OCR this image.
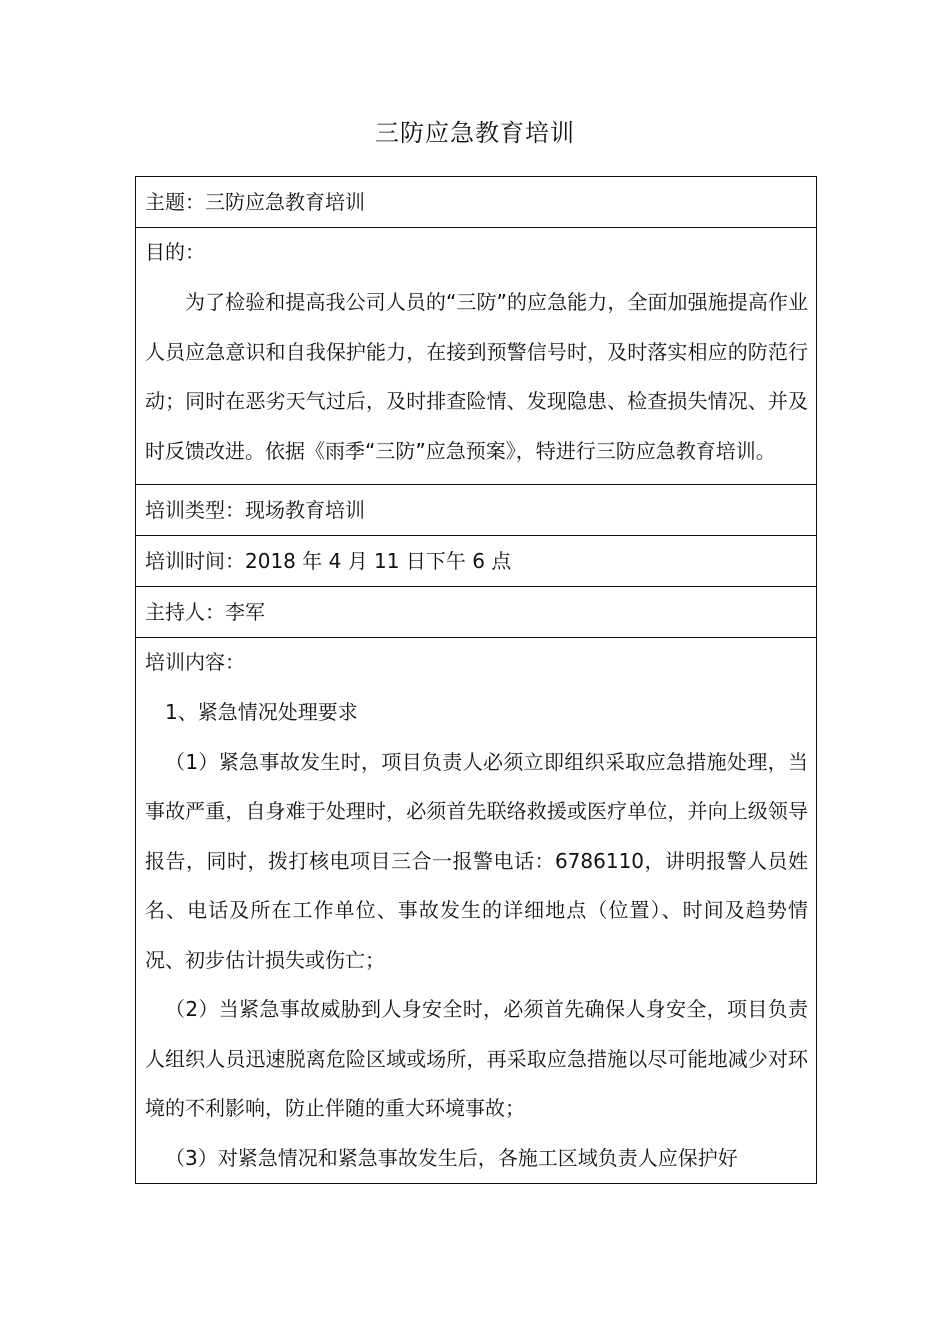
三防应急教育培训
主题：三防应急教育培训

目的：

为了检验和提高我公司人员的“三防”的应急能力，全面加强施提高作业人员应急意识和自我保护能力，在接到预警信号时，及时落实相应的防范行动；同时在恶劣天气过后，及时排查险情、发现隐患、检查损失情况、并及时反馈改进。依据《雨季“三防”应急预案》，特进行三防应急教育培训。

培训类型：现场教育培训
培训时间：2018 年 4 月 11 日下午 6 点
主持人：李军

培训内容：

1、紧急情况处理要求

（1）紧急事故发生时，项目负责人必须立即组织采取应急措施处理，当事故严重，自身难于处理时，必须首先联络救援或医疗单位，并向上级领导报告，同时，拨打核电项目三合一报警电话：6786110，讲明报警人员姓名、电话及所在工作单位、事故发生的详细地点（位置）、时间及趋势情况、初步估计损失或伤亡；

（2）当紧急事故威胁到人身安全时，必须首先确保人身安全，项目负责人组织人员迅速脱离危险区域或场所，再采取应急措施以尽可能地减少对环境的不利影响，防止伴随的重大环境事故；

（3）对紧急情况和紧急事故发生后，各施工区域负责人应保护好
